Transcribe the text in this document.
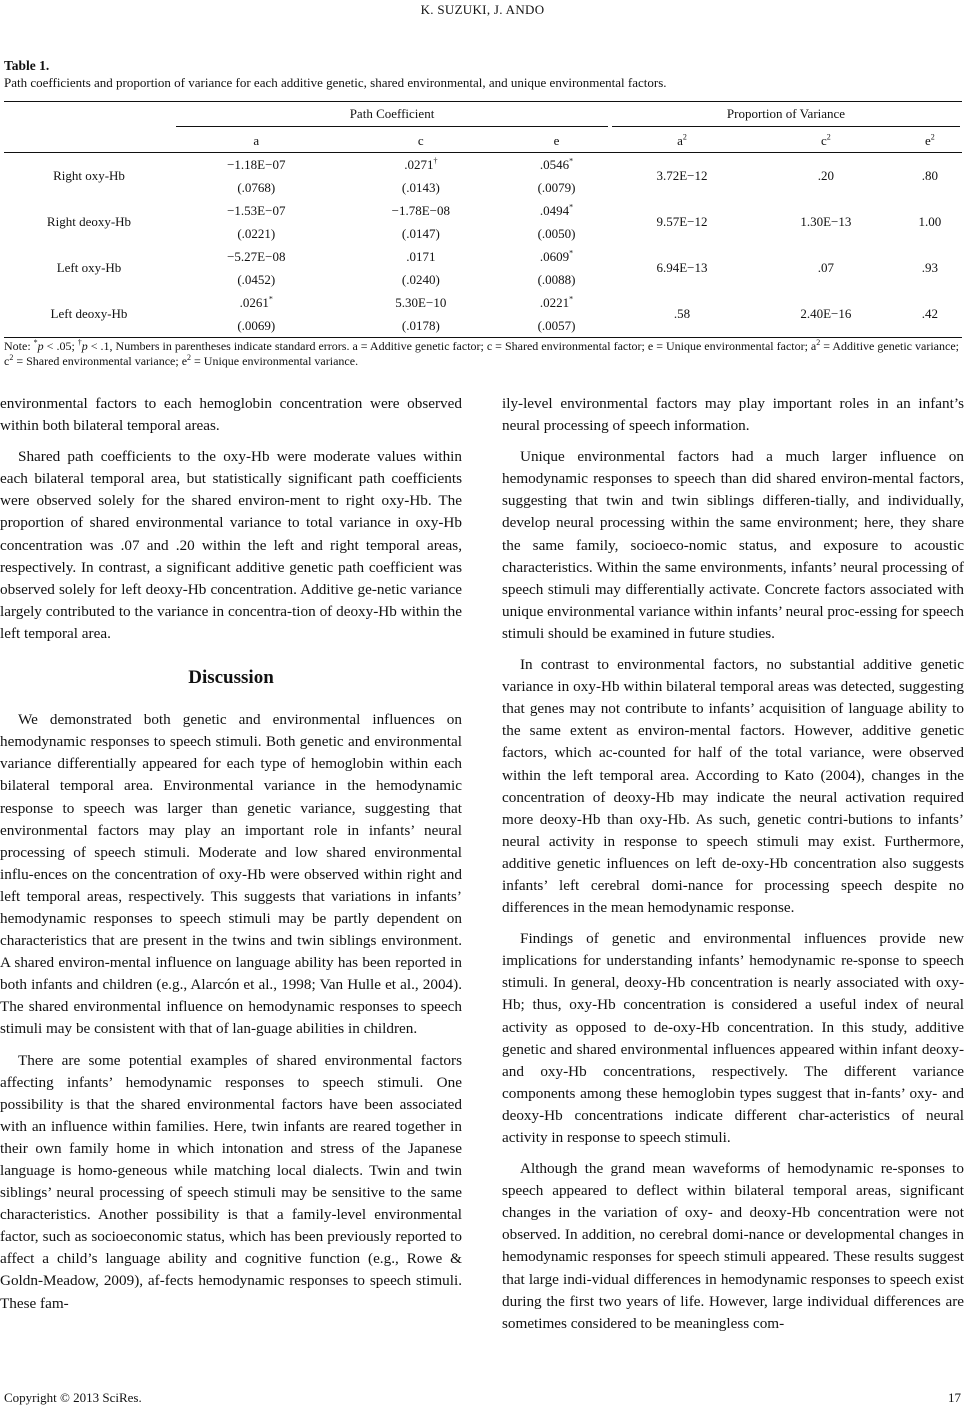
K. SUZUKI, J. ANDO
Table 1.
Path coefficients and proportion of variance for each additive genetic, shared environmental, and unique environmental factors.

	Path Coefficient			Proportion of Variance		

	a	c	e	$a^2$	$c^2$	$e^2$
Right oxy-Hb	−1.18E−07	.0271†	.0546*	3.72E−12	.20	.80
	(.0768)	(.0143)	(.0079)			
Right deoxy-Hb	−1.53E−07	−1.78E−08	.0494*	9.57E−12	1.30E−13	1.00
	(.0221)	(.0147)	(.0050)			
Left oxy-Hb	−5.27E−08	.0171	.0609*	6.94E−13	.07	.93
	(.0452)	(.0240)	(.0088)			
Left deoxy-Hb	.0261*	5.30E−10	.0221*	.58	2.40E−16	.42
	(.0069)	(.0178)	(.0057)			
Note: *p < .05; †p < .1, Numbers in parentheses indicate standard errors. a = Additive genetic factor; c = Shared environmental factor; e = Unique environmental factor; $a^2$ = Additive genetic variance; $c^2$ = Shared environmental variance; $e^2$ = Unique environmental variance.

environmental factors to each hemoglobin concentration were observed within both bilateral temporal areas.

Shared path coefficients to the oxy-Hb were moderate values within each bilateral temporal area, but statistically significant path coefficients were observed solely for the shared environ-ment to right oxy-Hb. The proportion of shared environmental variance to total variance in oxy-Hb concentration was .07 and .20 within the left and right temporal areas, respectively. In contrast, a significant additive genetic path coefficient was observed solely for left deoxy-Hb concentration. Additive ge-netic variance largely contributed to the variance in concentra-tion of deoxy-Hb within the left temporal area.

Discussion

We demonstrated both genetic and environmental influences on hemodynamic responses to speech stimuli. Both genetic and environmental variance differentially appeared for each type of hemoglobin within each bilateral temporal area. Environmental variance in the hemodynamic response to speech was larger than genetic variance, suggesting that environmental factors may play an important role in infants’ neural processing of speech stimuli. Moderate and low shared environmental influ-ences on the concentration of oxy-Hb were observed within right and left temporal areas, respectively. This suggests that variations in infants’ hemodynamic responses to speech stimuli may be partly dependent on characteristics that are present in the twins and twin siblings environment. A shared environ-mental influence on language ability has been reported in both infants and children (e.g., Alarcón et al., 1998; Van Hulle et al., 2004). The shared environmental influence on hemodynamic responses to speech stimuli may be consistent with that of lan-guage abilities in children.

There are some potential examples of shared environmental factors affecting infants’ hemodynamic responses to speech stimuli. One possibility is that the shared environmental factors have been associated with an influence within families. Here, twin infants are reared together in their own family home in which intonation and stress of the Japanese language is homo-geneous while matching local dialects. Twin and twin siblings’ neural processing of speech stimuli may be sensitive to the same characteristics. Another possibility is that a family-level environmental factor, such as socioeconomic status, which has been previously reported to affect a child’s language ability and cognitive function (e.g., Rowe & Goldn-Meadow, 2009), af-fects hemodynamic responses to speech stimuli. These fam-

ily-level environmental factors may play important roles in an infant’s neural processing of speech information.

Unique environmental factors had a much larger influence on hemodynamic responses to speech than did shared environ-mental factors, suggesting that twin and twin siblings differen-tially, and individually, develop neural processing within the same environment; here, they share the same family, socioeco-nomic status, and exposure to acoustic characteristics. Within the same environments, infants’ neural processing of speech stimuli may differentially activate. Concrete factors associated with unique environmental variance within infants’ neural proc-essing for speech stimuli should be examined in future studies.

In contrast to environmental factors, no substantial additive genetic variance in oxy-Hb within bilateral temporal areas was detected, suggesting that genes may not contribute to infants’ acquisition of language ability to the same extent as environ-mental factors. However, additive genetic factors, which ac-counted for half of the total variance, were observed within the left temporal area. According to Kato (2004), changes in the concentration of deoxy-Hb may indicate the neural activation required more deoxy-Hb than oxy-Hb. As such, genetic contri-butions to infants’ neural activity in response to speech stimuli may exist. Furthermore, additive genetic influences on left de-oxy-Hb concentration also suggests infants’ left cerebral domi-nance for processing speech despite no differences in the mean hemodynamic response.

Findings of genetic and environmental influences provide new implications for understanding infants’ hemodynamic re-sponse to speech stimuli. In general, deoxy-Hb concentration is nearly associated with oxy-Hb; thus, oxy-Hb concentration is considered a useful index of neural activity as opposed to de-oxy-Hb concentration. In this study, additive genetic and shared environmental influences appeared within infant deoxy- and oxy-Hb concentrations, respectively. The different variance components among these hemoglobin types suggest that in-fants’ oxy- and deoxy-Hb concentrations indicate different char-acteristics of neural activity in response to speech stimuli.

Although the grand mean waveforms of hemodynamic re-sponses to speech appeared to deflect within bilateral temporal areas, significant changes in the variation of oxy- and deoxy-Hb concentration were not observed. In addition, no cerebral domi-nance or developmental changes in hemodynamic responses for speech stimuli appeared. These results suggest that large indi-vidual differences in hemodynamic responses to speech exist during the first two years of life. However, large individual differences are sometimes considered to be meaningless com-

Copyright © 2013 SciRes.	17
